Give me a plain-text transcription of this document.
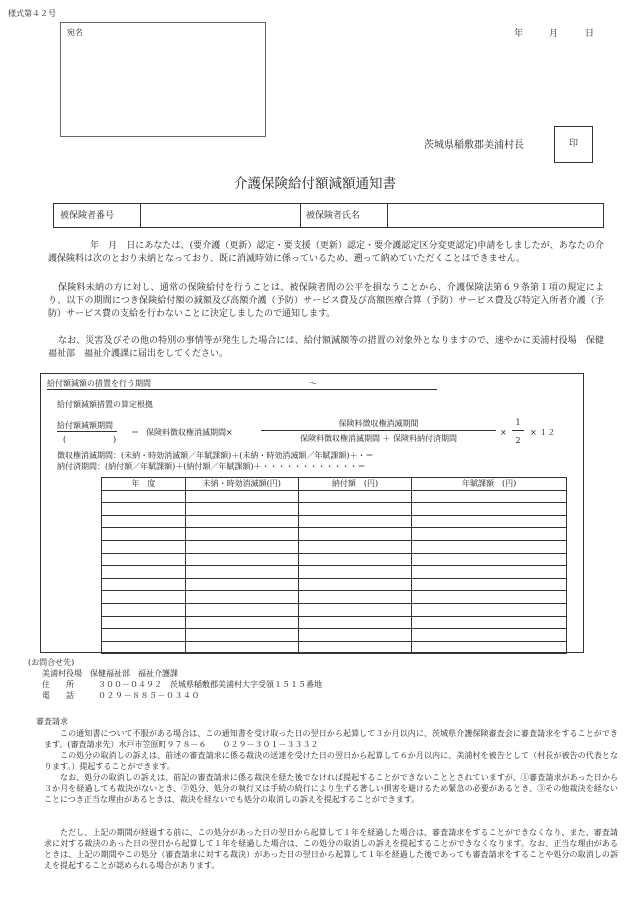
様式第４２号
宛名	年	月	日
茨城県稲敷郡美浦村長	印
介護保険給付額減額通知書
被保険者番号	被保険者氏名
年　月　日にあなたは、(要介護（更新）認定・要支援（更新）認定・要介護認定区分変更認定)申請をしましたが、あなたの介護保険料は次のとおり未納となっており、既に消滅時効に係っているため、遡って納めていただくことはできません。
保険料未納の方に対し、通常の保険給付を行うことは、被保険者間の公平を損なうことから、介護保険法第６９条第１項の規定により、以下の期間につき保険給付額の減額及び高額介護（予防）サービス費及び高額医療合算（予防）サービス費及び特定入所者介護（予防）サービス費の支給を行わないことに決定しましたので通知します。
なお、災害及びその他の特別の事情等が発生した場合には、給付額減額等の措置の対象外となりますので、速やかに美浦村役場　保健福祉部　福祉介護課に届出をしてください。
給付額減額の措置を行う期間	～
給付額減額措置の算定根拠
給付額減額期間
(	)
＝ 保険料徴収権消滅期間×
保険料徴収権消滅期間
保険料徴収権消滅期間 ＋ 保険料納付済期間
×
1
2
× １２
徴収権消滅期間：(未納・時効消滅額／年賦課額)＋(未納・時効消滅額／年賦課額)＋・＝
納付済期間：(納付額／年賦課額)＋(納付額／年賦課額)＋・・・・・・・・・・・・＝
年　度	未納・時効消滅額(円)	納付額　(円)	年賦課額　(円)

(お問合せ先)
美浦村役場　保健福祉部　福祉介護課
住　　所	３００－０４９２　茨城県稲敷郡美浦村大字受領１５１５番地
電　　話	０２９－８８５－０３４０
審査請求
この通知書について不服がある場合は、この通知書を受け取った日の翌日から起算して３か月以内に、茨城県介護保険審査会に審査請求をすることができます。(審査請求先）水戸市笠原町９７８－６　　０２９－３０１－３３３２
この処分の取消しの訴えは、前述の審査請求に係る裁決の送達を受けた日の翌日から起算して６か月以内に、美浦村を被告として（村長が被告の代表となります。）提起することができます。
なお、処分の取消しの訴えは、前記の審査請求に係る裁決を経た後でなければ提起することができないこととされていますが、①審査請求があった日から３か月を経過しても裁決がないとき、②処分、処分の執行又は手続の続行により生ずる著しい損害を避けるため緊急の必要があるとき、③その他裁決を経ないことにつき正当な理由があるときは、裁決を経ないでも処分の取消しの訴えを提起することができます。
ただし、上記の期間が経過する前に、この処分があった日の翌日から起算して１年を経過した場合は、審査請求をすることができなくなり、また、審査請求に対する裁決のあった日の翌日から起算して１年を経過した場合は、この処分の取消しの訴えを提起することができなくなります。なお、正当な理由があるときは、上記の期間やこの処分（審査請求に対する裁決）があった日の翌日から起算して１年を経過した後であっても審査請求をすることや処分の取消しの訴えを提起することが認められる場合があります。
